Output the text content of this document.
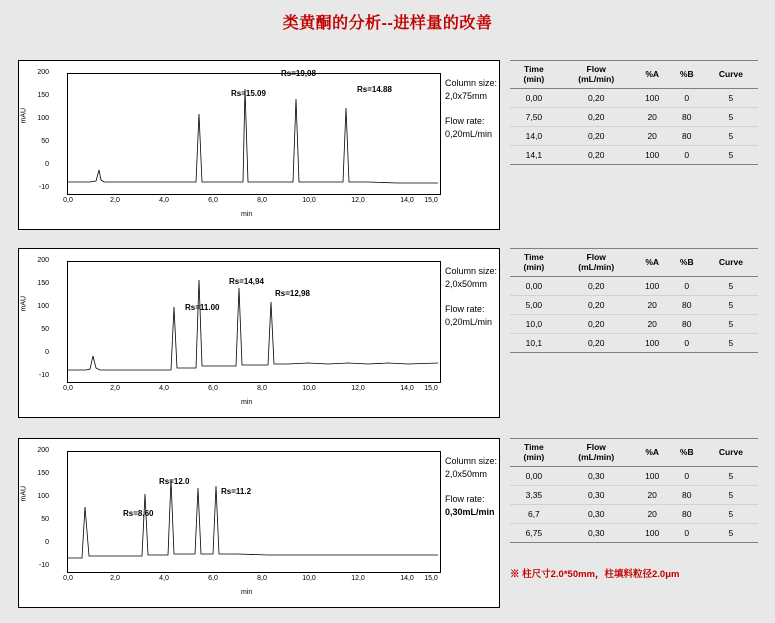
类黄酮的分析--进样量的改善
mAU
200
150
100
50
0
-10
Rs=15.09
Rs=19,08
Rs=14.88
0,0	2,0	4,0	6,0	8,0	10,0	12,0	14,0	15,0
min
Column size:
2,0x75mm
Flow rate:
0,20mL/min
Time
(min)	Flow
(mL/min)	%A	%B	Curve
0,00	0,20	100	0	5
7,50	0,20	20	80	5
14,0	0,20	20	80	5
14,1	0,20	100	0	5
mAU
200
150
100
50
0
-10
Rs=11.00
Rs=14,94
Rs=12,98
0,0	2,0	4,0	6,0	8,0	10,0	12,0	14,0	15,0
min
Column size:
2,0x50mm
Flow rate:
0,20mL/min
Time
(min)	Flow
(mL/min)	%A	%B	Curve
0,00	0,20	100	0	5
5,00	0,20	20	80	5
10,0	0,20	20	80	5
10,1	0,20	100	0	5
mAU
200
150
100
50
0
-10
Rs=8,60
Rs=12.0
Rs=11.2
0,0	2,0	4,0	6,0	8,0	10,0	12,0	14,0	15,0
min
Column size:
2,0x50mm
Flow rate:
0,30mL/min
Time
(min)	Flow
(mL/min)	%A	%B	Curve
0,00	0,30	100	0	5
3,35	0,30	20	80	5
6,7	0,30	20	80	5
6,75	0,30	100	0	5
※ 柱尺寸2.0*50mm，柱填料粒径2.0μm
